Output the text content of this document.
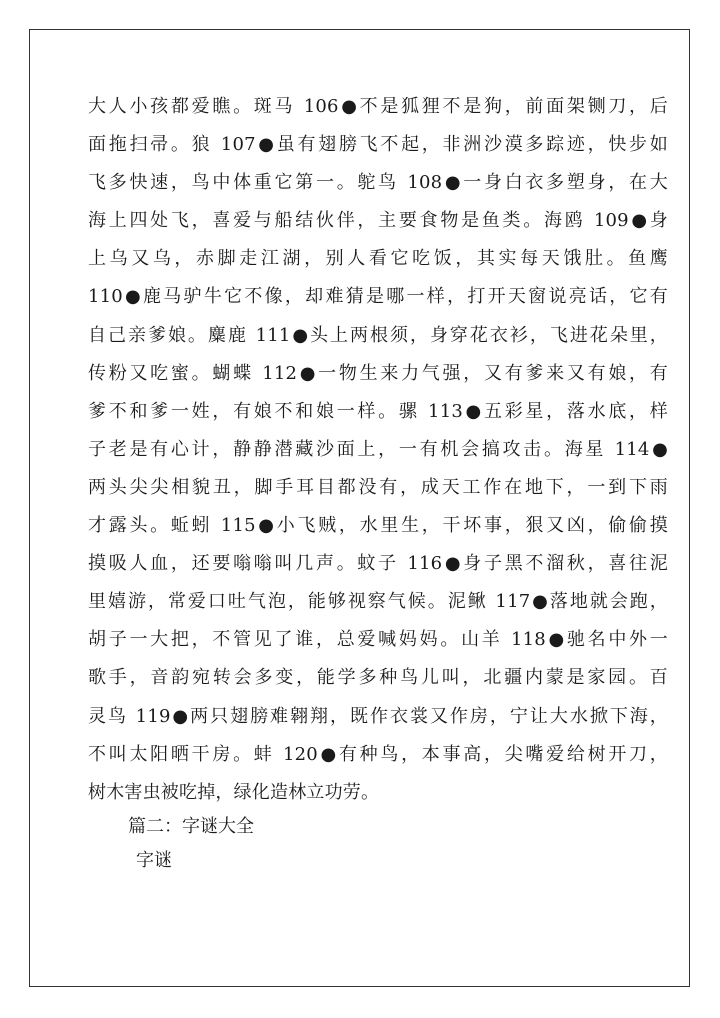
大人小孩都爱瞧。斑马 106●不是狐狸不是狗，前面架铡刀，后
面拖扫帚。狼 107●虽有翅膀飞不起，非洲沙漠多踪迹，快步如
飞多快速，鸟中体重它第一。鸵鸟 108●一身白衣多塑身，在大
海上四处飞，喜爱与船结伙伴，主要食物是鱼类。海鸥 109●身
上乌又乌，赤脚走江湖，别人看它吃饭，其实每天饿肚。鱼鹰
110●鹿马驴牛它不像，却难猜是哪一样，打开天窗说亮话，它有
自己亲爹娘。麋鹿 111●头上两根须，身穿花衣衫，飞进花朵里，
传粉又吃蜜。蝴蝶 112●一物生来力气强，又有爹来又有娘，有
爹不和爹一姓，有娘不和娘一样。骡 113●五彩星，落水底，样
子老是有心计，静静潜藏沙面上，一有机会搞攻击。海星 114●
两头尖尖相貌丑，脚手耳目都没有，成天工作在地下，一到下雨
才露头。蚯蚓 115●小飞贼，水里生，干坏事，狠又凶，偷偷摸
摸吸人血，还要嗡嗡叫几声。蚊子 116●身子黑不溜秋，喜往泥
里嬉游，常爱口吐气泡，能够视察气候。泥鳅 117●落地就会跑，
胡子一大把，不管见了谁，总爱喊妈妈。山羊 118●驰名中外一
歌手，音韵宛转会多变，能学多种鸟儿叫，北疆内蒙是家园。百
灵鸟 119●两只翅膀难翱翔，既作衣裳又作房，宁让大水掀下海，
不叫太阳晒干房。蚌 120●有种鸟，本事高，尖嘴爱给树开刀，
树木害虫被吃掉，绿化造林立功劳。
篇二：字谜大全
字谜
